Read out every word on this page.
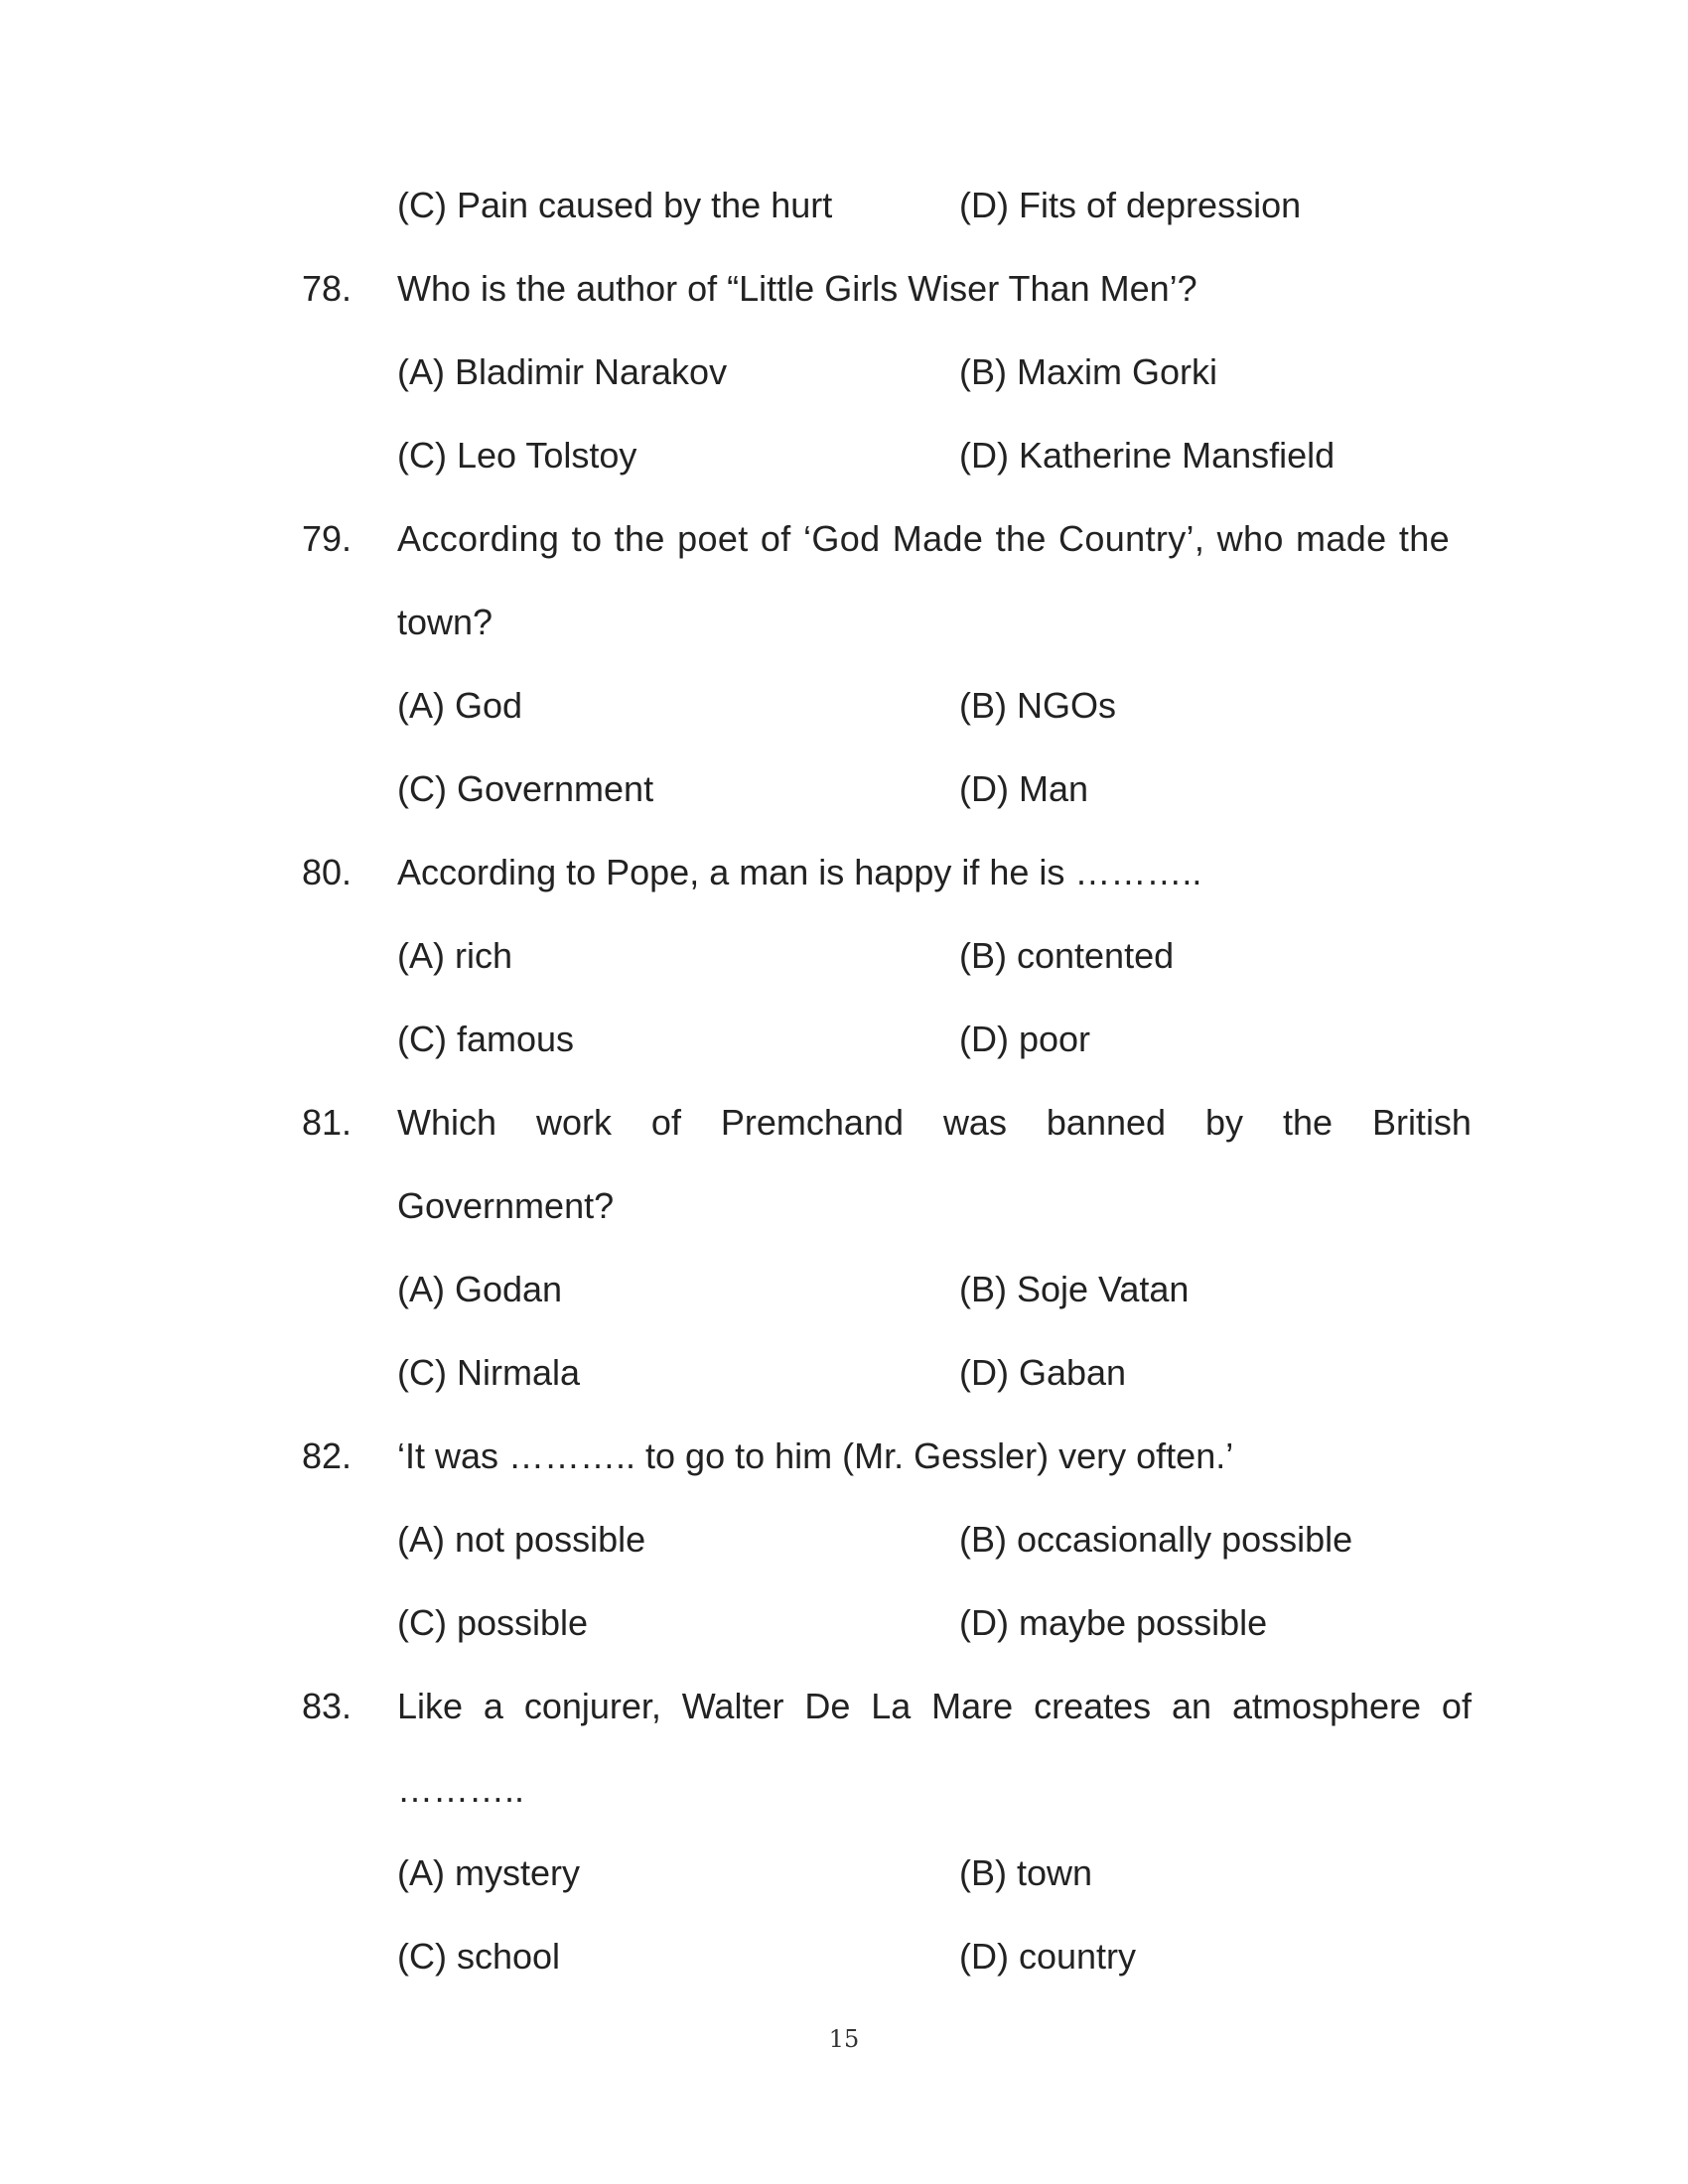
(C) Pain caused by the hurt	(D) Fits of depression
78.	Who is the author of “Little Girls Wiser Than Men’?
(A) Bladimir Narakov	(B) Maxim Gorki
(C) Leo Tolstoy	(D) Katherine Mansfield
79.	According to the poet of ‘God Made the Country’, who made the
town?
(A) God	(B) NGOs
(C) Government	(D) Man
80.	According to Pope, a man is happy if he is ………..
(A) rich	(B) contented
(C) famous	(D) poor
81.	Which work of Premchand was banned by the British
Government?
(A) Godan	(B) Soje Vatan
(C) Nirmala	(D) Gaban
82.	‘It was ……….. to go to him (Mr. Gessler) very often.’
(A) not possible	(B) occasionally possible
(C) possible	(D) maybe possible
83.	Like a conjurer, Walter De La Mare creates an atmosphere of
………..
(A) mystery	(B) town
(C) school	(D) country
15
